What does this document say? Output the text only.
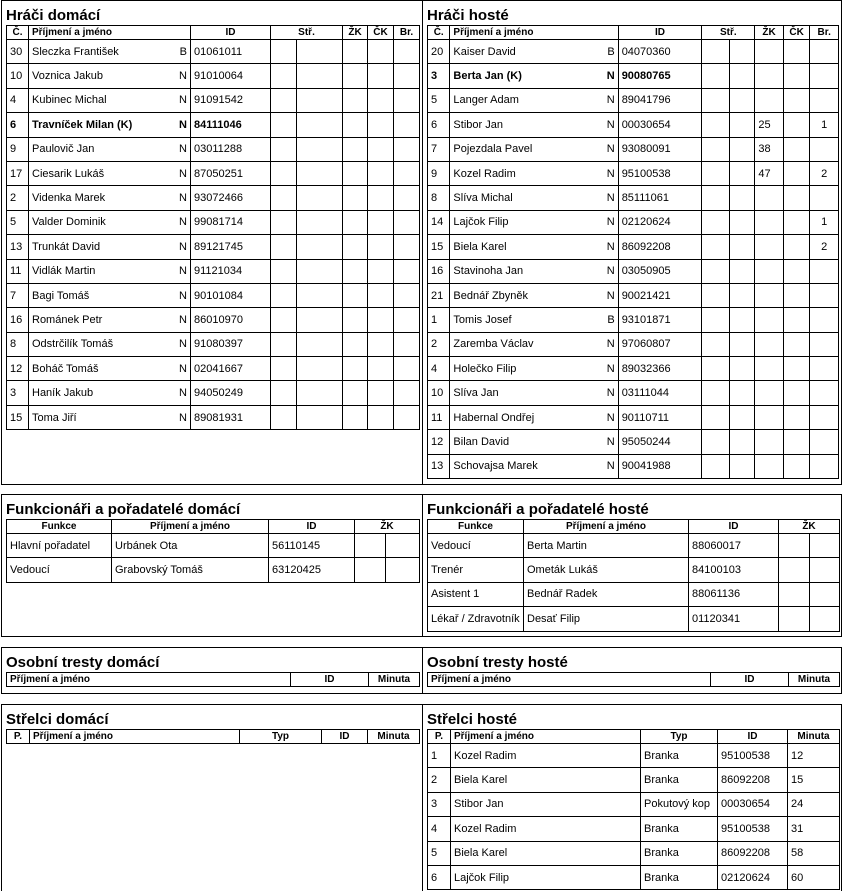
Hráči domácí
Č.	Příjmení a jméno	ID	Stř.		ŽK	ČK	Br.
30	Sleczka František B	01061011					
10	Voznica Jakub N	91010064					
4	Kubinec Michal N	91091542					
6	Travníček Milan (K) N	84111046					
9	Paulovič Jan N	03011288					
17	Ciesarik Lukáš N	87050251					
2	Videnka Marek N	93072466					
5	Valder Dominik N	99081714					
13	Trunkát David N	89121745					
11	Vidlák Martin N	91121034					
7	Bagi Tomáš N	90101084					
16	Románek Petr N	86010970					
8	Odstrčilík Tomáš N	91080397					
12	Boháč Tomáš N	02041667					
3	Haník Jakub N	94050249					
15	Toma Jiří N	89081931					
Hráči hosté
Č.	Příjmení a jméno	ID	Stř.		ŽK	ČK	Br.
20	Kaiser David B	04070360					
3	Berta Jan (K) N	90080765					
5	Langer Adam N	89041796					
6	Stibor Jan N	00030654			25		1
7	Pojezdala Pavel N	93080091			38		
9	Kozel Radim N	95100538			47		2
8	Slíva Michal N	85111061					
14	Lajčok Filip N	02120624					1
15	Biela Karel N	86092208					2
16	Stavinoha Jan N	03050905					
21	Bednář Zbyněk N	90021421					
1	Tomis Josef B	93101871					
2	Zaremba Václav N	97060807					
4	Holečko Filip N	89032366					
10	Slíva Jan N	03111044					
11	Habernal Ondřej N	90110711					
12	Bilan David N	95050244					
13	Schovajsa Marek N	90041988					
Funkcionáři a pořadatelé domácí
Funkce	Příjmení a jméno	ID	ŽK	
Hlavní pořadatel	Urbánek Ota	56110145		
Vedoucí	Grabovský Tomáš	63120425		
Funkcionáři a pořadatelé hosté
Funkce	Příjmení a jméno	ID	ŽK	
Vedoucí	Berta Martin	88060017		
Trenér	Ometák Lukáš	84100103		
Asistent 1	Bednář Radek	88061136		
Lékař / Zdravotník	Desať Filip	01120341		
Osobní tresty domácí
Příjmení a jméno	ID	Minuta
Osobní tresty hosté
Příjmení a jméno	ID	Minuta
Střelci domácí
P.	Příjmení a jméno	Typ	ID	Minuta
Střelci hosté
P.	Příjmení a jméno	Typ	ID	Minuta
1	Kozel Radim	Branka	95100538	12
2	Biela Karel	Branka	86092208	15
3	Stibor Jan	Pokutový kop	00030654	24
4	Kozel Radim	Branka	95100538	31
5	Biela Karel	Branka	86092208	58
6	Lajčok Filip	Branka	02120624	60
